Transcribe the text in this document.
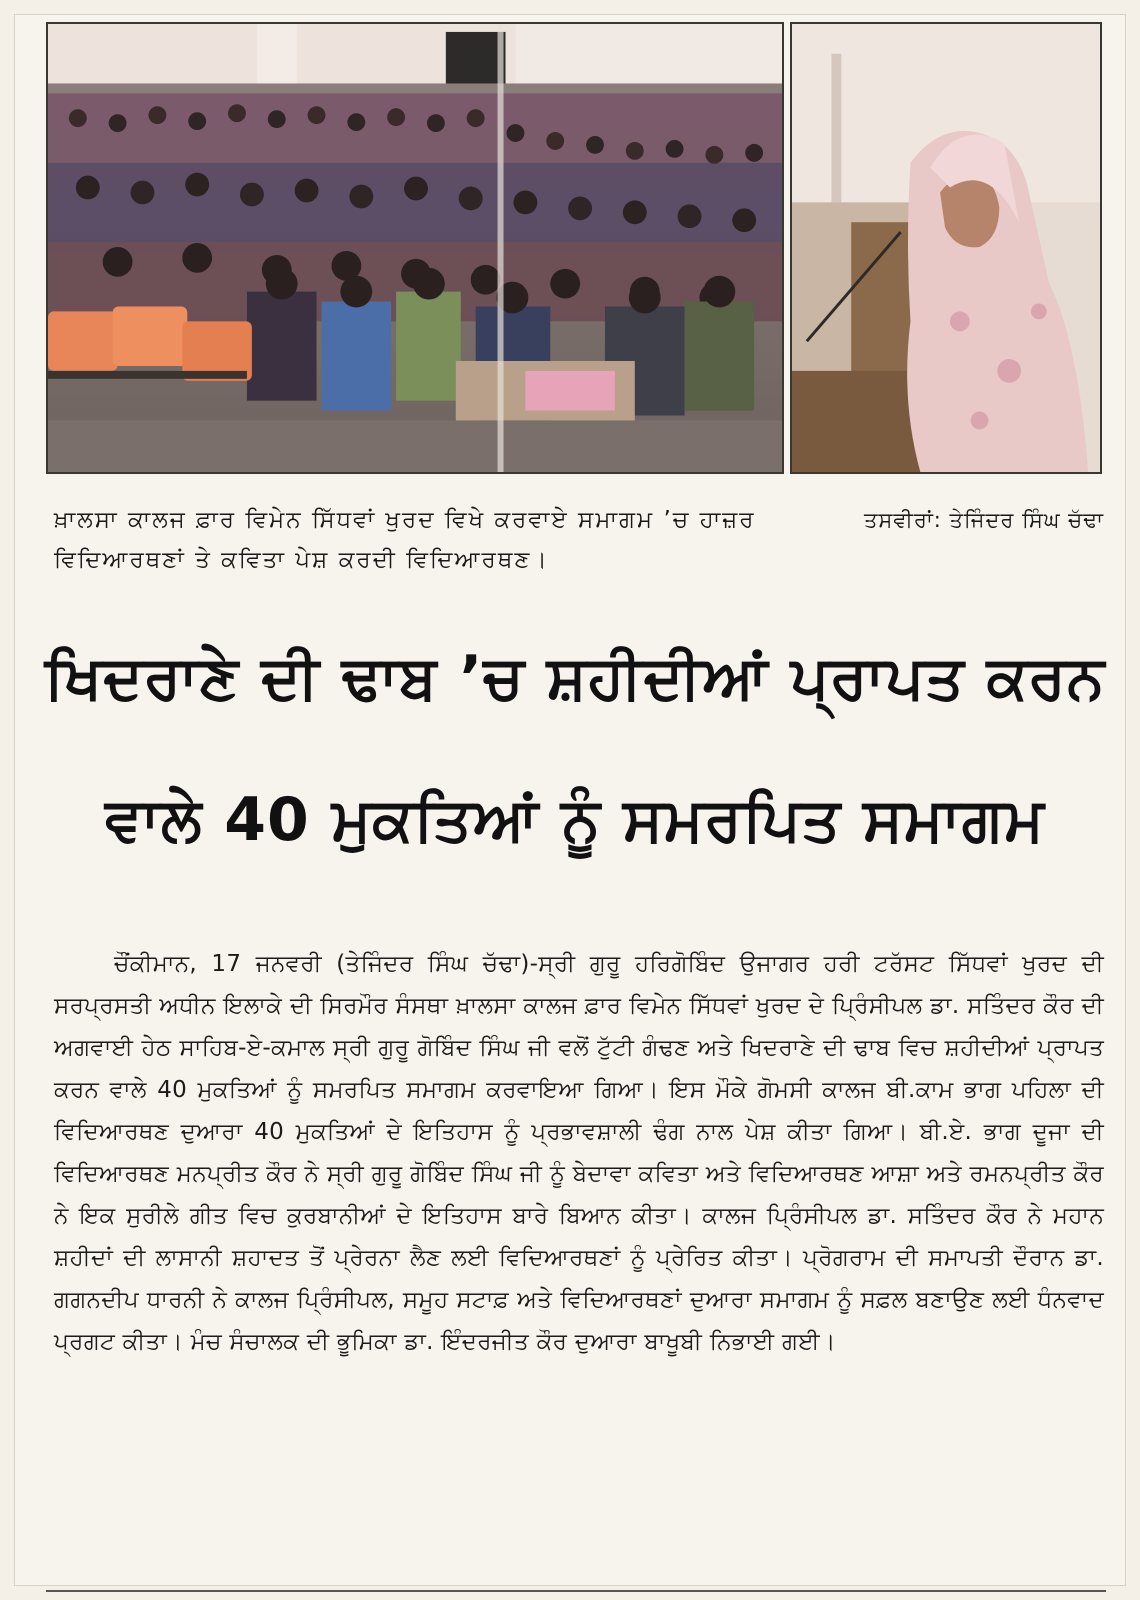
ਤਸਵੀਰਾਂ: ਤੇਜਿੰਦਰ ਸਿੰਘ ਚੱਢਾ
ਖ਼ਾਲਸਾ ਕਾਲਜ ਫ਼ਾਰ ਵਿਮੇਨ ਸਿੱਧਵਾਂ ਖੁਰਦ ਵਿਖੇ ਕਰਵਾਏ ਸਮਾਗਮ ’ਚ ਹਾਜ਼ਰ ਵਿਦਿਆਰਥਣਾਂ ਤੇ ਕਵਿਤਾ ਪੇਸ਼ ਕਰਦੀ ਵਿਦਿਆਰਥਣ।
ਖਿਦਰਾਣੇ ਦੀ ਢਾਬ ’ਚ ਸ਼ਹੀਦੀਆਂ ਪ੍ਰਾਪਤ ਕਰਨ
ਵਾਲੇ 40 ਮੁਕਤਿਆਂ ਨੂੰ ਸਮਰਪਿਤ ਸਮਾਗਮ
ਚੌਂਕੀਮਾਨ, 17 ਜਨਵਰੀ (ਤੇਜਿੰਦਰ ਸਿੰਘ ਚੱਢਾ)-ਸ੍ਰੀ ਗੁਰੂ ਹਰਿਗੋਬਿੰਦ ਉਜਾਗਰ ਹਰੀ ਟਰੱਸਟ ਸਿੱਧਵਾਂ ਖੁਰਦ ਦੀ ਸਰਪ੍ਰਸਤੀ ਅਧੀਨ ਇਲਾਕੇ ਦੀ ਸਿਰਮੌਰ ਸੰਸਥਾ ਖ਼ਾਲਸਾ ਕਾਲਜ ਫ਼ਾਰ ਵਿਮੇਨ ਸਿੱਧਵਾਂ ਖੁਰਦ ਦੇ ਪ੍ਰਿੰਸੀਪਲ ਡਾ. ਸਤਿੰਦਰ ਕੌਰ ਦੀ ਅਗਵਾਈ ਹੇਠ ਸਾਹਿਬ-ਏ-ਕਮਾਲ ਸ੍ਰੀ ਗੁਰੂ ਗੋਬਿੰਦ ਸਿੰਘ ਜੀ ਵਲੋਂ ਟੁੱਟੀ ਗੰਢਣ ਅਤੇ ਖਿਦਰਾਣੇ ਦੀ ਢਾਬ ਵਿਚ ਸ਼ਹੀਦੀਆਂ ਪ੍ਰਾਪਤ ਕਰਨ ਵਾਲੇ 40 ਮੁਕਤਿਆਂ ਨੂੰ ਸਮਰਪਿਤ ਸਮਾਗਮ ਕਰਵਾਇਆ ਗਿਆ। ਇਸ ਮੌਕੇ ਗੋਮਸੀ ਕਾਲਜ ਬੀ.ਕਾਮ ਭਾਗ ਪਹਿਲਾ ਦੀ ਵਿਦਿਆਰਥਣ ਦੁਆਰਾ 40 ਮੁਕਤਿਆਂ ਦੇ ਇਤਿਹਾਸ ਨੂੰ ਪ੍ਰਭਾਵਸ਼ਾਲੀ ਢੰਗ ਨਾਲ ਪੇਸ਼ ਕੀਤਾ ਗਿਆ। ਬੀ.ਏ. ਭਾਗ ਦੂਜਾ ਦੀ ਵਿਦਿਆਰਥਣ ਮਨਪ੍ਰੀਤ ਕੌਰ ਨੇ ਸ੍ਰੀ ਗੁਰੂ ਗੋਬਿੰਦ ਸਿੰਘ ਜੀ ਨੂੰ ਬੇਦਾਵਾ ਕਵਿਤਾ ਅਤੇ ਵਿਦਿਆਰਥਣ ਆਸ਼ਾ ਅਤੇ ਰਮਨਪ੍ਰੀਤ ਕੌਰ ਨੇ ਇਕ ਸੁਰੀਲੇ ਗੀਤ ਵਿਚ ਕੁਰਬਾਨੀਆਂ ਦੇ ਇਤਿਹਾਸ ਬਾਰੇ ਬਿਆਨ ਕੀਤਾ। ਕਾਲਜ ਪ੍ਰਿੰਸੀਪਲ ਡਾ. ਸਤਿੰਦਰ ਕੌਰ ਨੇ ਮਹਾਨ ਸ਼ਹੀਦਾਂ ਦੀ ਲਾਸਾਨੀ ਸ਼ਹਾਦਤ ਤੋਂ ਪ੍ਰੇਰਨਾ ਲੈਣ ਲਈ ਵਿਦਿਆਰਥਣਾਂ ਨੂੰ ਪ੍ਰੇਰਿਤ ਕੀਤਾ। ਪ੍ਰੋਗਰਾਮ ਦੀ ਸਮਾਪਤੀ ਦੌਰਾਨ ਡਾ. ਗਗਨਦੀਪ ਧਾਰਨੀ ਨੇ ਕਾਲਜ ਪ੍ਰਿੰਸੀਪਲ, ਸਮੂਹ ਸਟਾਫ਼ ਅਤੇ ਵਿਦਿਆਰਥਣਾਂ ਦੁਆਰਾ ਸਮਾਗਮ ਨੂੰ ਸਫ਼ਲ ਬਣਾਉਣ ਲਈ ਧੰਨਵਾਦ ਪ੍ਰਗਟ ਕੀਤਾ। ਮੰਚ ਸੰਚਾਲਕ ਦੀ ਭੂਮਿਕਾ ਡਾ. ਇੰਦਰਜੀਤ ਕੌਰ ਦੁਆਰਾ ਬਾਖੂਬੀ ਨਿਭਾਈ ਗਈ।
